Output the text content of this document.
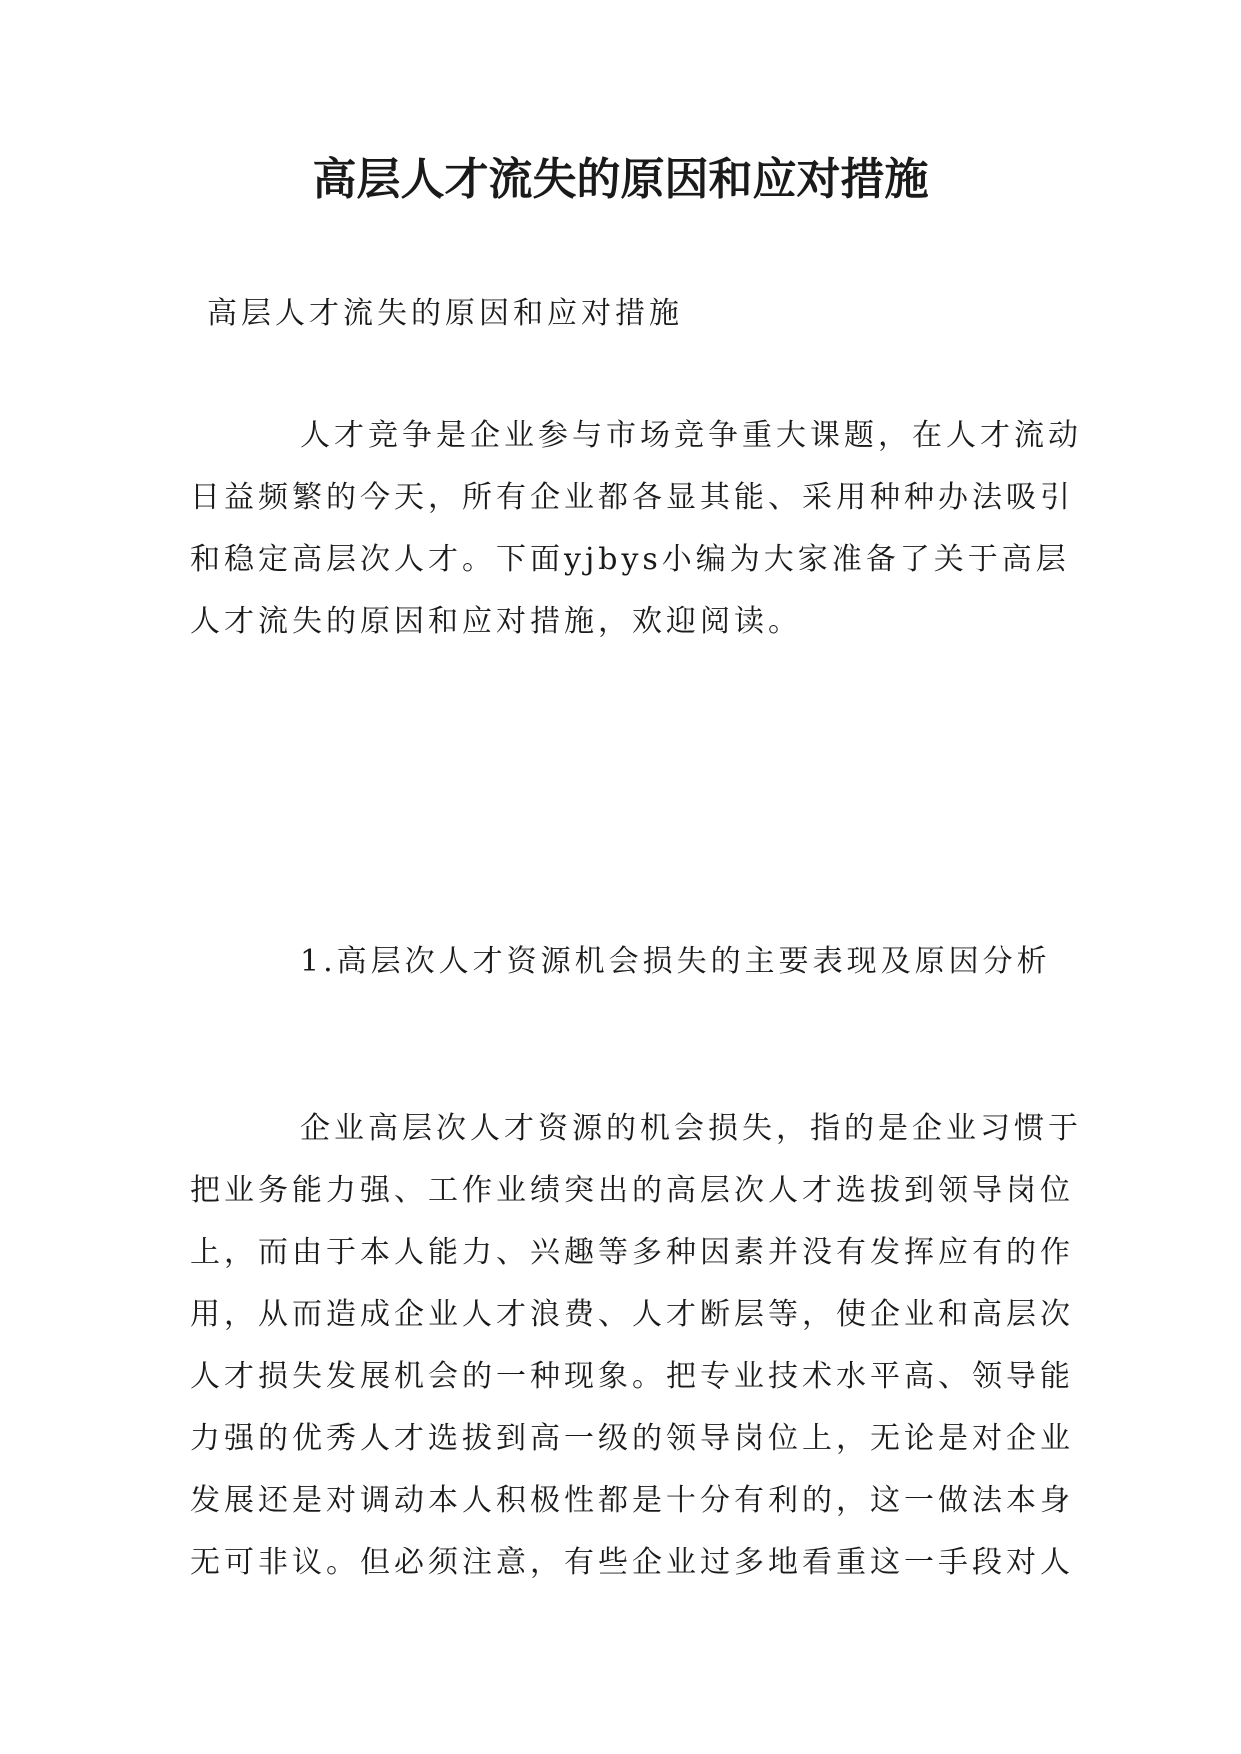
高层人才流失的原因和应对措施
高层人才流失的原因和应对措施
人才竞争是企业参与市场竞争重大课题，在人才流动
日益频繁的今天，所有企业都各显其能、采用种种办法吸引
和稳定高层次人才。下面yjbys小编为大家准备了关于高层
人才流失的原因和应对措施，欢迎阅读。
1.高层次人才资源机会损失的主要表现及原因分析
企业高层次人才资源的机会损失，指的是企业习惯于
把业务能力强、工作业绩突出的高层次人才选拔到领导岗位
上，而由于本人能力、兴趣等多种因素并没有发挥应有的作
用，从而造成企业人才浪费、人才断层等，使企业和高层次
人才损失发展机会的一种现象。把专业技术水平高、领导能
力强的优秀人才选拔到高一级的领导岗位上，无论是对企业
发展还是对调动本人积极性都是十分有利的，这一做法本身
无可非议。但必须注意，有些企业过多地看重这一手段对人
